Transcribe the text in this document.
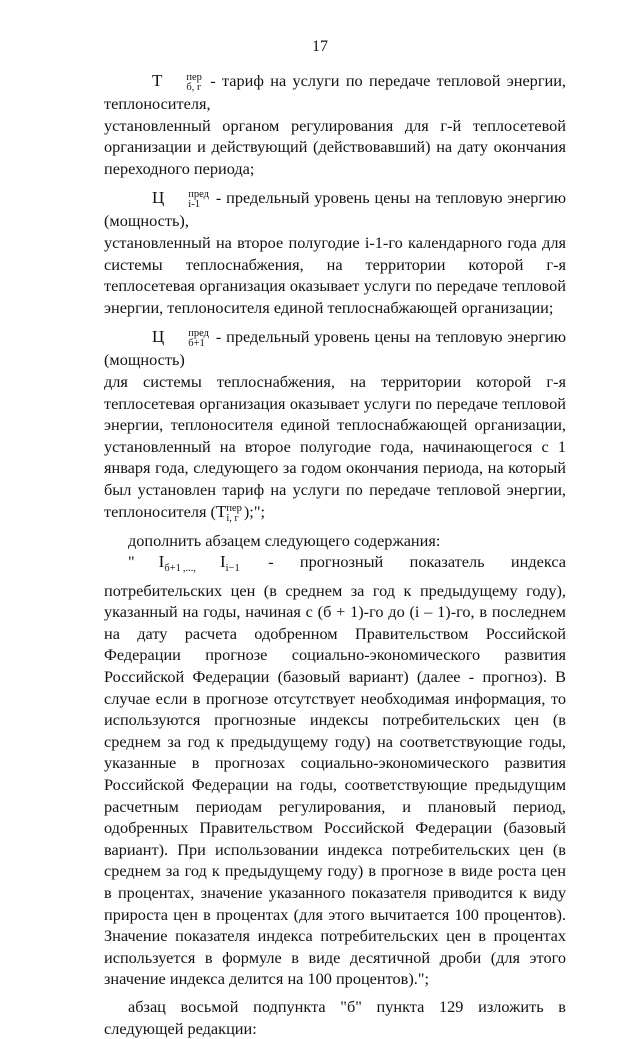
17

T	пер
б, г - тариф на услуги по передаче тепловой энергии, теплоносителя,

установленный органом регулирования для г-й теплосетевой организации и действующий (действовавший) на дату окончания переходного периода;

Ц	пред
i-1 - предельный уровень цены на тепловую энергию (мощность),

установленный на второе полугодие i-1-го календарного года для системы теплоснабжения, на территории которой г-я теплосетевая организация оказывает услуги по передаче тепловой энергии, теплоносителя единой теплоснабжающей организации;

Ц	пред
б+1 - предельный уровень цены на тепловую энергию (мощность)

для системы теплоснабжения, на территории которой г-я теплосетевая организация оказывает услуги по передаче тепловой энергии, теплоносителя единой теплоснабжающей организации, установленный на второе полугодие года, начинающегося с 1 января года, следующего за годом окончания периода, на который был установлен тариф на услуги по передаче тепловой энергии, теплоносителя (T пер
i, г );";

дополнить абзацем следующего содержания:

" $I_{б+1}$ $_{,...,}$ $I_{i-1}$ - прогнозный показатель индекса потребительских цен (в среднем за год к предыдущему году), указанный на годы, начиная с (б + 1)-го до (i – 1)-го, в последнем на дату расчета одобренном Правительством Российской Федерации прогнозе социально-экономического развития Российской Федерации (базовый вариант) (далее - прогноз). В случае если в прогнозе отсутствует необходимая информация, то используются прогнозные индексы потребительских цен (в среднем за год к предыдущему году) на соответствующие годы, указанные в прогнозах социально-экономического развития Российской Федерации на годы, соответствующие предыдущим расчетным периодам регулирования, и плановый период, одобренных Правительством Российской Федерации (базовый вариант). При использовании индекса потребительских цен (в среднем за год к предыдущему году) в прогнозе в виде роста цен в процентах, значение указанного показателя приводится к виду прироста цен в процентах (для этого вычитается 100 процентов). Значение показателя индекса потребительских цен в процентах используется в формуле в виде десятичной дроби (для этого значение индекса делится на 100 процентов).";

абзац восьмой подпункта "б" пункта 129 изложить в следующей редакции:
